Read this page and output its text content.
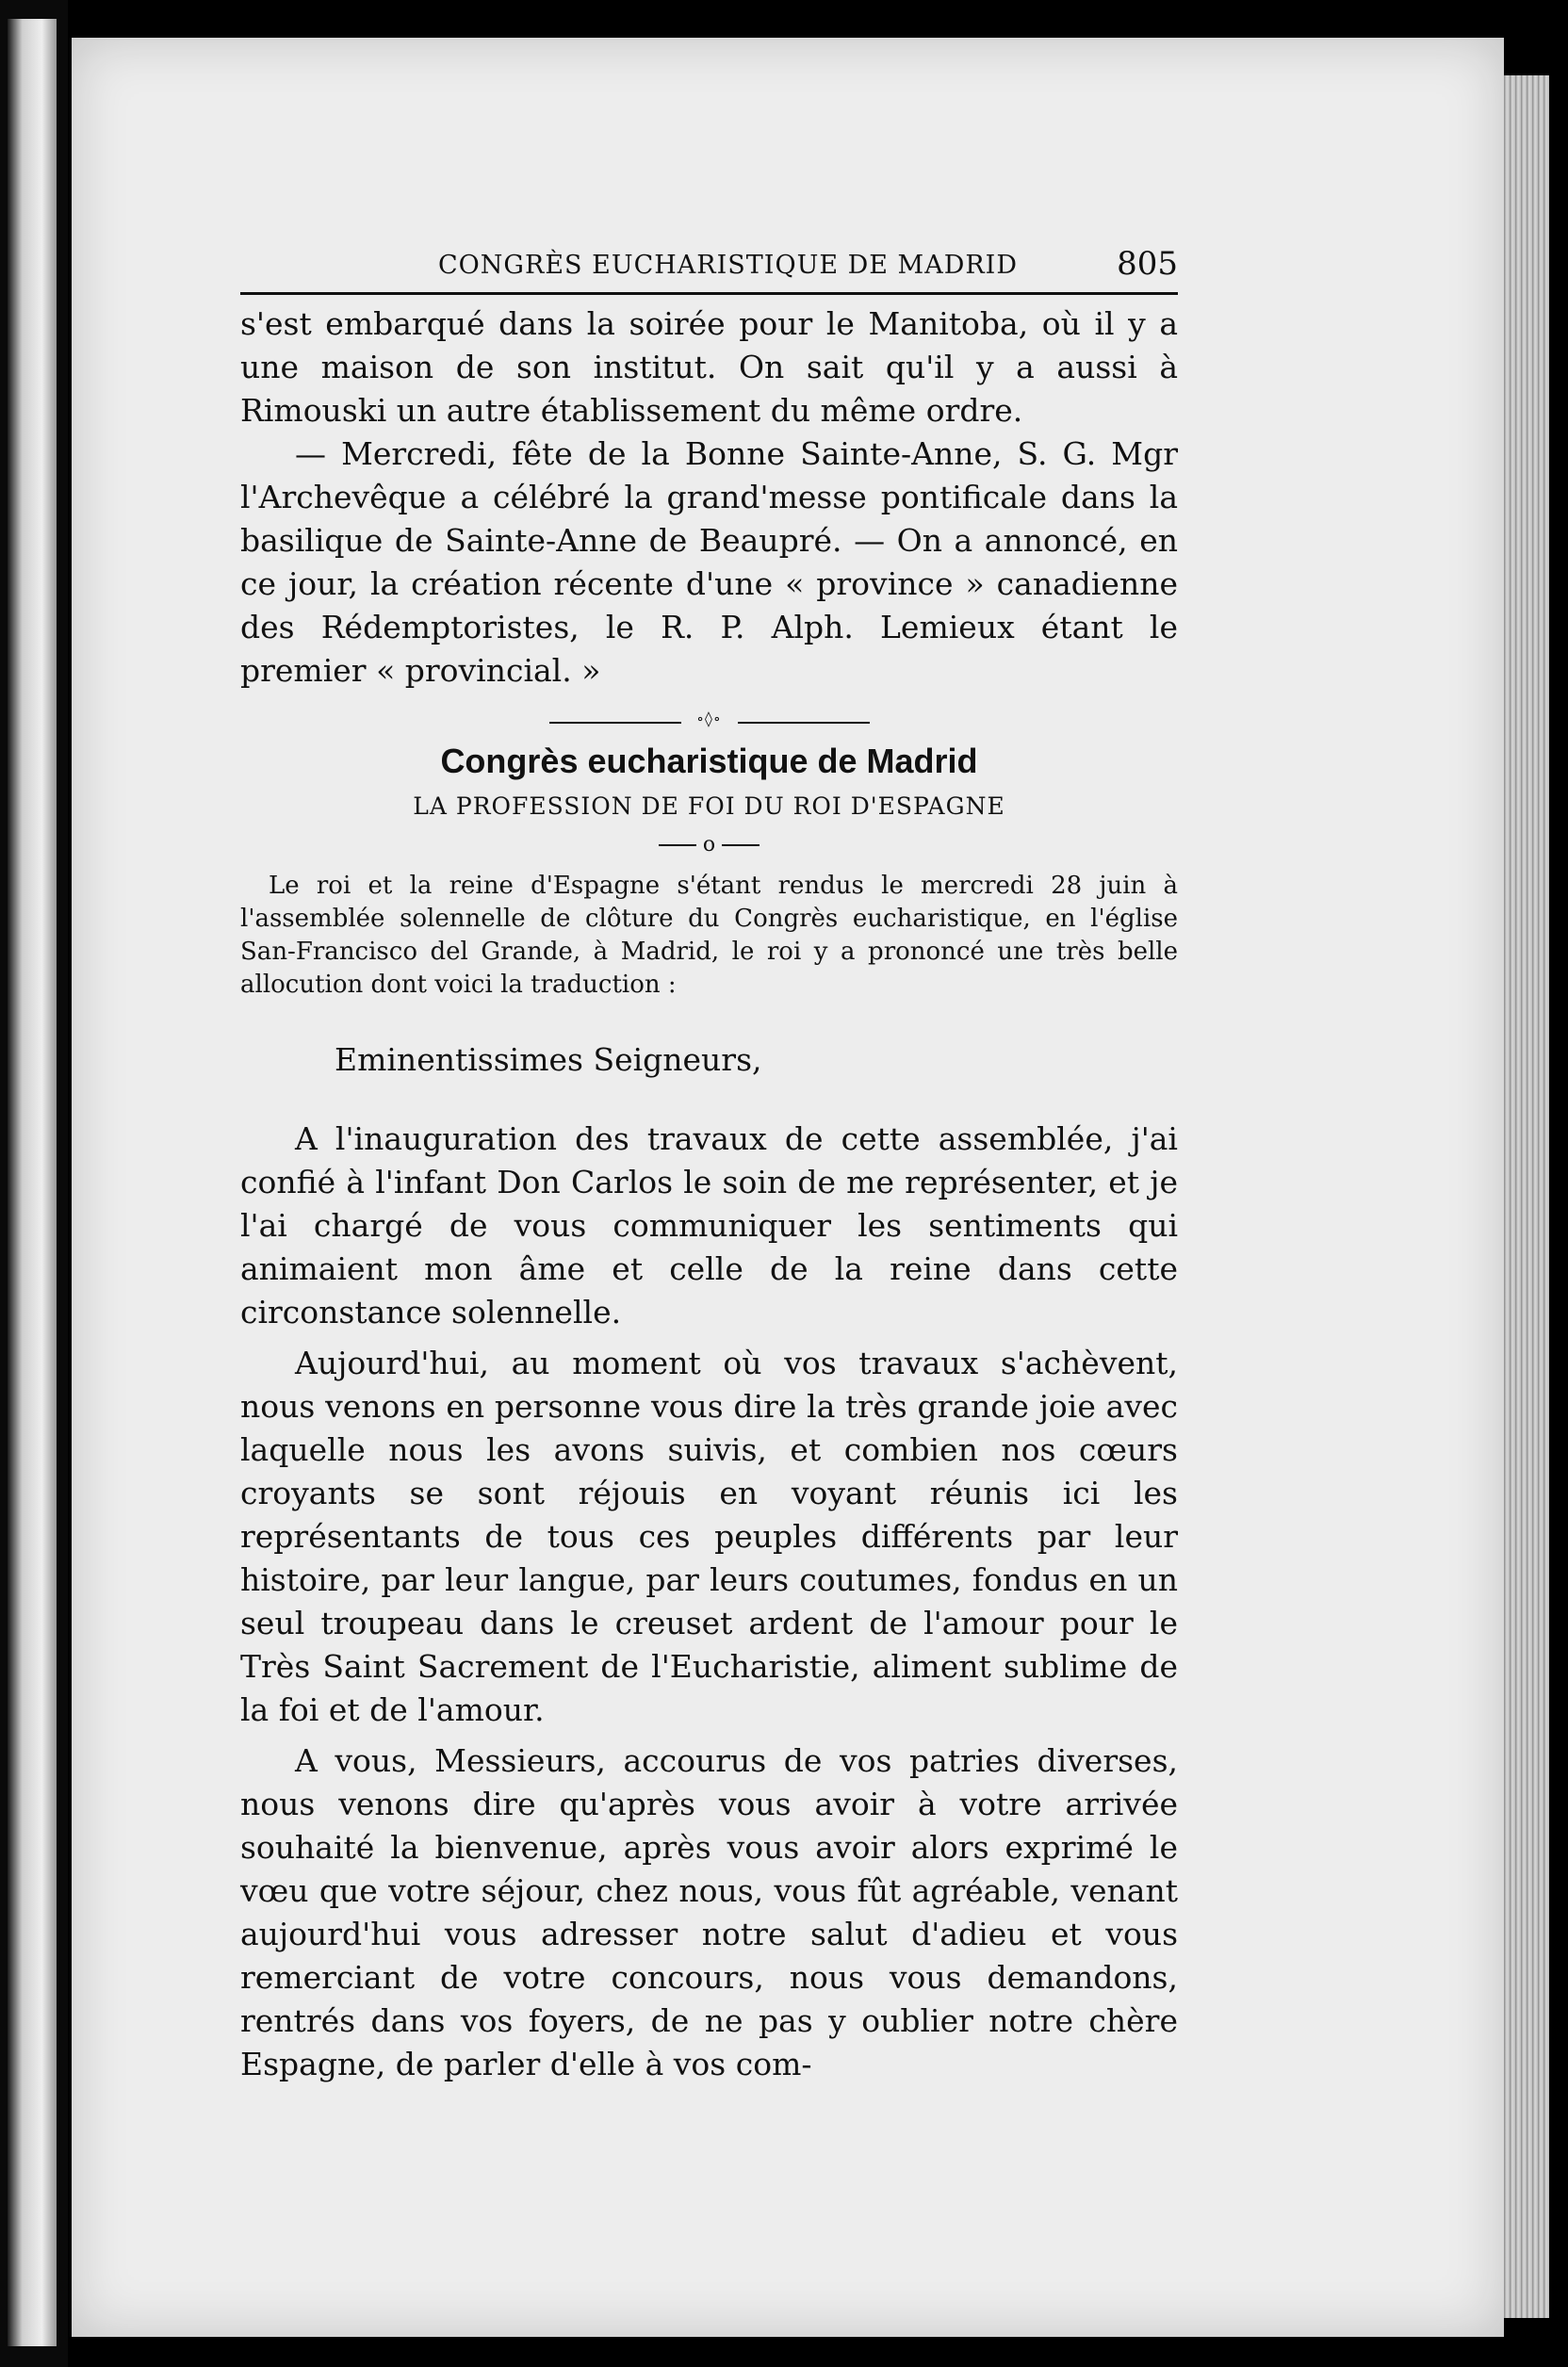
CONGRÈS EUCHARISTIQUE DE MADRID	805

s'est embarqué dans la soirée pour le Manitoba, où il y a une maison de son institut. On sait qu'il y a aussi à Rimouski un autre établissement du même ordre.

— Mercredi, fête de la Bonne Sainte-Anne, S. G. Mgr l'Archevêque a célébré la grand'messe pontificale dans la basilique de Sainte-Anne de Beaupré. — On a annoncé, en ce jour, la création récente d'une « province » canadienne des Rédemptoristes, le R. P. Alph. Lemieux étant le premier « provincial. »

∘◊∘
Congrès eucharistique de Madrid
LA PROFESSION DE FOI DU ROI D'ESPAGNE
o

Le roi et la reine d'Espagne s'étant rendus le mercredi 28 juin à l'assemblée solennelle de clôture du Congrès eucharistique, en l'église San-Francisco del Grande, à Madrid, le roi y a prononcé une très belle allocution dont voici la traduction :

Eminentissimes Seigneurs,

A l'inauguration des travaux de cette assemblée, j'ai confié à l'infant Don Carlos le soin de me représenter, et je l'ai chargé de vous communiquer les sentiments qui animaient mon âme et celle de la reine dans cette circonstance solennelle.

Aujourd'hui, au moment où vos travaux s'achèvent, nous venons en personne vous dire la très grande joie avec laquelle nous les avons suivis, et combien nos cœurs croyants se sont réjouis en voyant réunis ici les représentants de tous ces peuples différents par leur histoire, par leur langue, par leurs coutumes, fondus en un seul troupeau dans le creuset ardent de l'amour pour le Très Saint Sacrement de l'Eucharistie, aliment sublime de la foi et de l'amour.

A vous, Messieurs, accourus de vos patries diverses, nous venons dire qu'après vous avoir à votre arrivée souhaité la bienvenue, après vous avoir alors exprimé le vœu que votre séjour, chez nous, vous fût agréable, venant aujourd'hui vous adresser notre salut d'adieu et vous remerciant de votre concours, nous vous demandons, rentrés dans vos foyers, de ne pas y oublier notre chère Espagne, de parler d'elle à vos com-
